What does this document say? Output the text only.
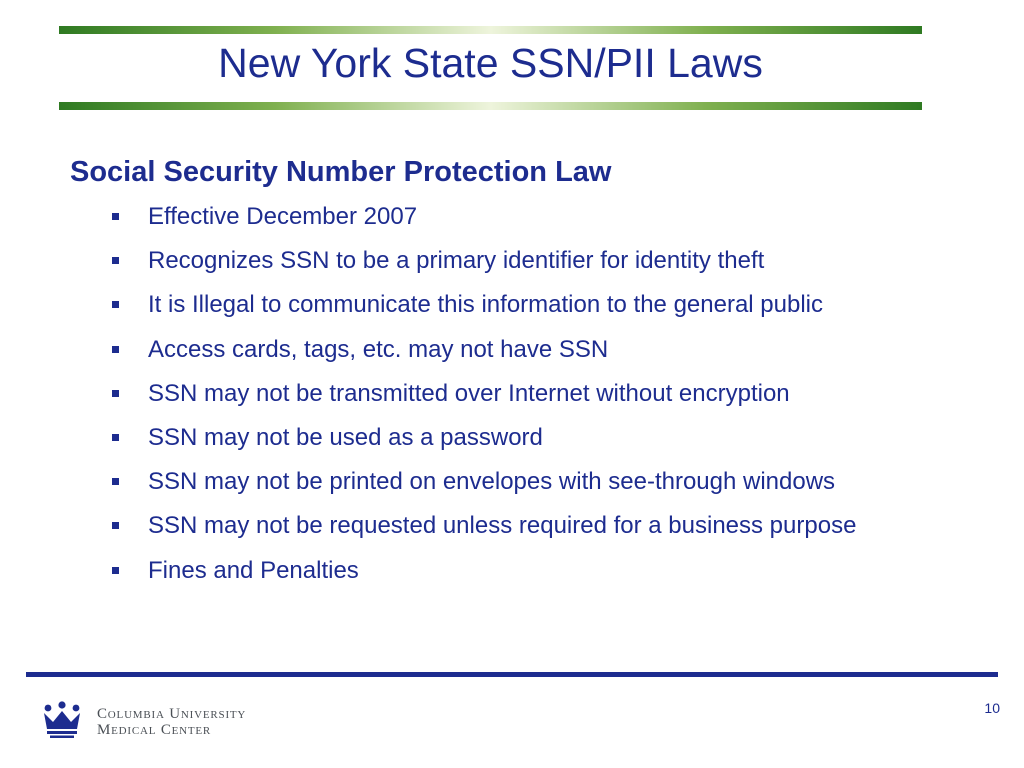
New York State SSN/PII Laws
Social Security Number Protection Law
Effective December 2007
Recognizes SSN to be a primary identifier for identity theft
It is Illegal to communicate this information to the general public
Access cards, tags, etc. may not have SSN
SSN may not be transmitted over Internet without encryption
SSN may not be used as a password
SSN may not be printed on envelopes with see-through windows
SSN may not be requested unless required for a business purpose
Fines and Penalties
Columbia University
Medical Center
10
